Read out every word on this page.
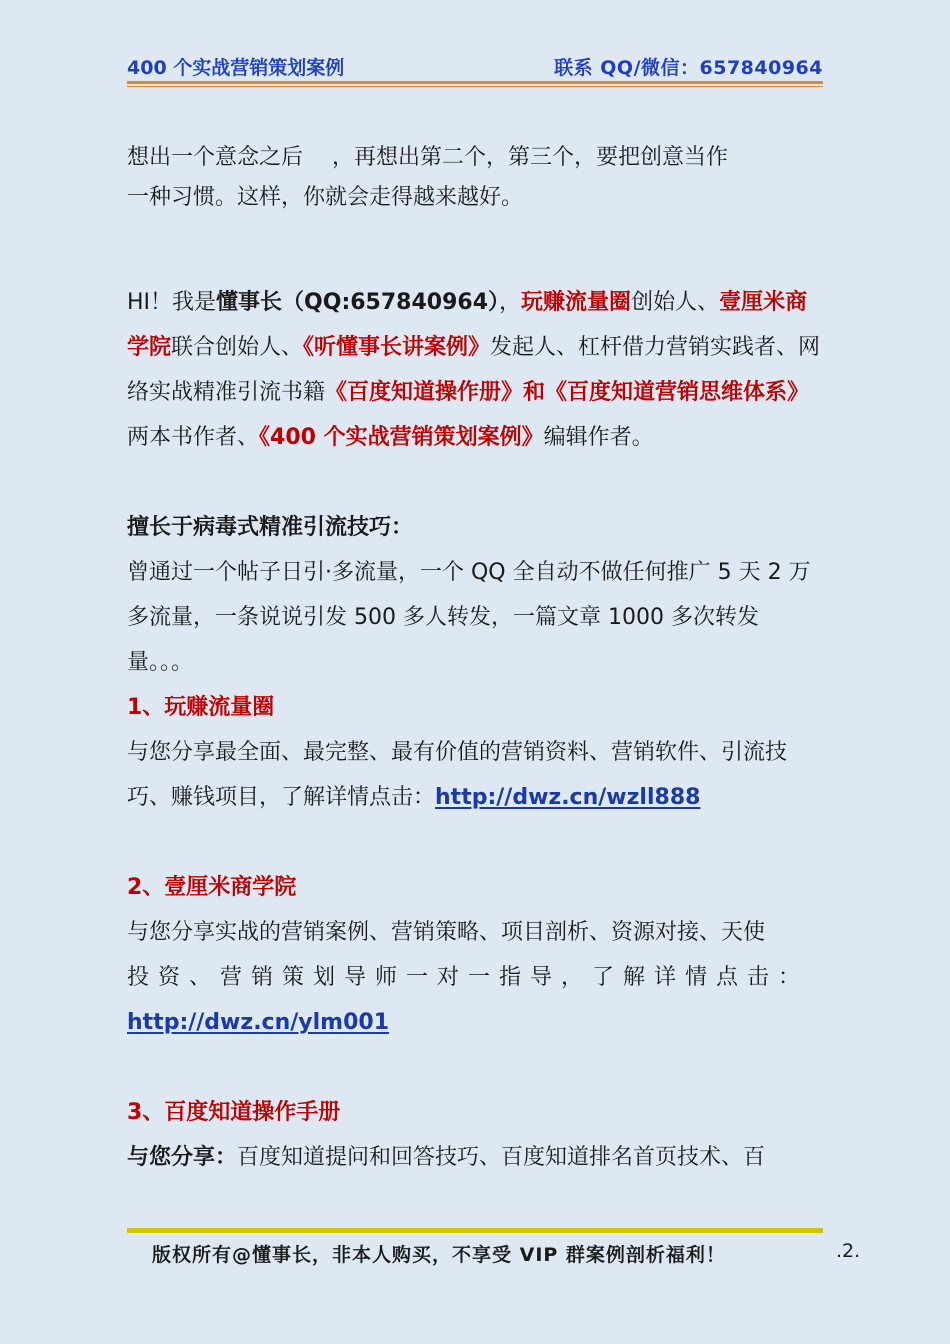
400 个实战营销策划案例	联系 QQ/微信：657840964

想出一个意念之后　 ，再想出第二个，第三个，要把创意当作
一种习惯。这样，你就会走得越来越好。

HI！我是懂事长（QQ:657840964），玩赚流量圈创始人、壹厘米商学院联合创始人、《听懂事长讲案例》发起人、杠杆借力营销实践者、网络实战精准引流书籍《百度知道操作册》和《百度知道营销思维体系》两本书作者、《400 个实战营销策划案例》编辑作者。

擅长于病毒式精准引流技巧：

曾通过一个帖子日引·多流量，一个 QQ 全自动不做任何推广 5 天 2 万多流量，一条说说引发 500 多人转发，一篇文章 1000 多次转发量。。。

1、玩赚流量圈

与您分享最全面、最完整、最有价值的营销资料、营销软件、引流技巧、赚钱项目，了解详情点击：http://dwz.cn/wzll888

2、壹厘米商学院

与您分享实战的营销案例、营销策略、项目剖析、资源对接、天使
投资、营销策划导师一对一指导，了解详情点击：
http://dwz.cn/ylm001

3、百度知道操作手册

与您分享：百度知道提问和回答技巧、百度知道排名首页技术、百

版权所有@懂事长，非本人购买，不享受 VIP 群案例剖析福利！	.2.
